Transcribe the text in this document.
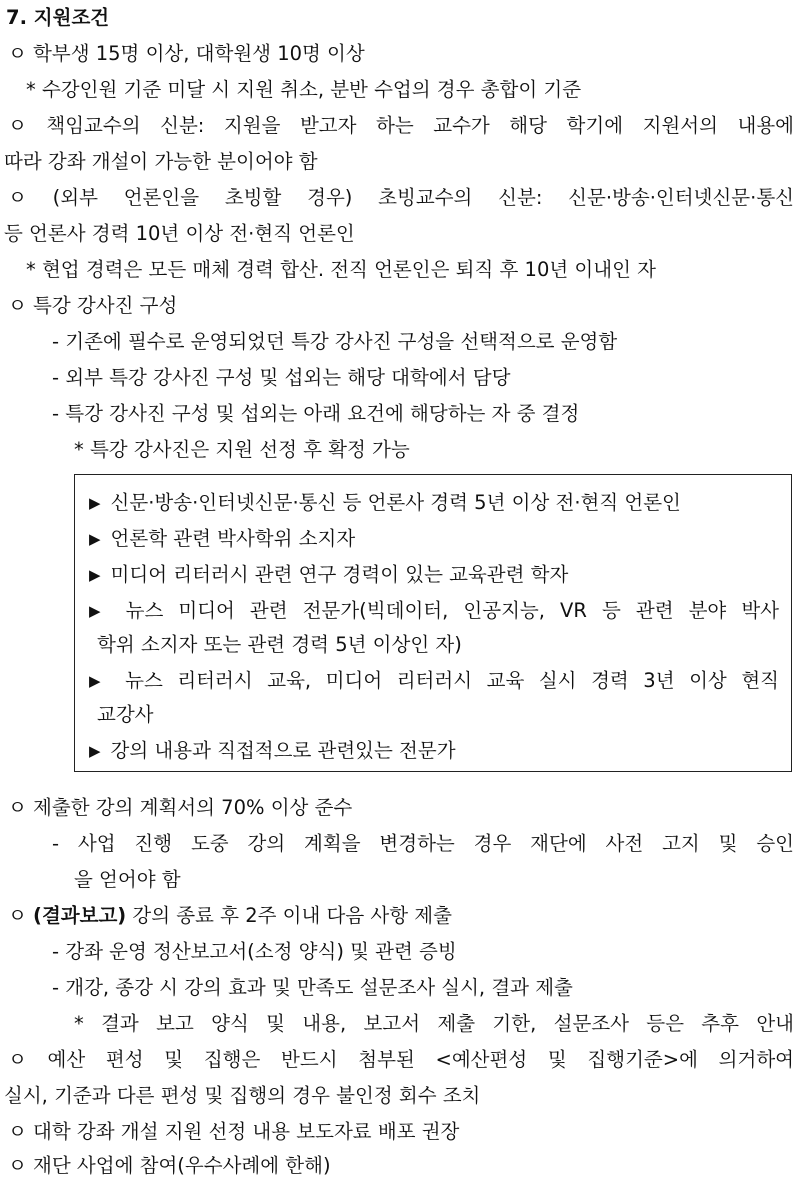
7. 지원조건
ㅇ 학부생 15명 이상, 대학원생 10명 이상
* 수강인원 기준 미달 시 지원 취소, 분반 수업의 경우 총합이 기준
ㅇ 책임교수의 신분: 지원을 받고자 하는 교수가 해당 학기에 지원서의 내용에
따라 강좌 개설이 가능한 분이어야 함
ㅇ (외부 언론인을 초빙할 경우) 초빙교수의 신분: 신문·방송·인터넷신문·통신
등 언론사 경력 10년 이상 전·현직 언론인
* 현업 경력은 모든 매체 경력 합산. 전직 언론인은 퇴직 후 10년 이내인 자
ㅇ 특강 강사진 구성
- 기존에 필수로 운영되었던 특강 강사진 구성을 선택적으로 운영함
- 외부 특강 강사진 구성 및 섭외는 해당 대학에서 담당
- 특강 강사진 구성 및 섭외는 아래 요건에 해당하는 자 중 결정
* 특강 강사진은 지원 선정 후 확정 가능
▶ 신문·방송·인터넷신문·통신 등 언론사 경력 5년 이상 전·현직 언론인
▶ 언론학 관련 박사학위 소지자
▶ 미디어 리터러시 관련 연구 경력이 있는 교육관련 학자
▶ 뉴스 미디어 관련 전문가(빅데이터, 인공지능, VR 등 관련 분야 박사
학위 소지자 또는 관련 경력 5년 이상인 자)
▶ 뉴스 리터러시 교육, 미디어 리터러시 교육 실시 경력 3년 이상 현직
교강사
▶ 강의 내용과 직접적으로 관련있는 전문가
ㅇ 제출한 강의 계획서의 70% 이상 준수
- 사업 진행 도중 강의 계획을 변경하는 경우 재단에 사전 고지 및 승인
을 얻어야 함
ㅇ (결과보고) 강의 종료 후 2주 이내 다음 사항 제출
- 강좌 운영 정산보고서(소정 양식) 및 관련 증빙
- 개강, 종강 시 강의 효과 및 만족도 설문조사 실시, 결과 제출
* 결과 보고 양식 및 내용, 보고서 제출 기한, 설문조사 등은 추후 안내
ㅇ 예산 편성 및 집행은 반드시 첨부된 <예산편성 및 집행기준>에 의거하여
실시, 기준과 다른 편성 및 집행의 경우 불인정 회수 조치
ㅇ 대학 강좌 개설 지원 선정 내용 보도자료 배포 권장
ㅇ 재단 사업에 참여(우수사례에 한해)
